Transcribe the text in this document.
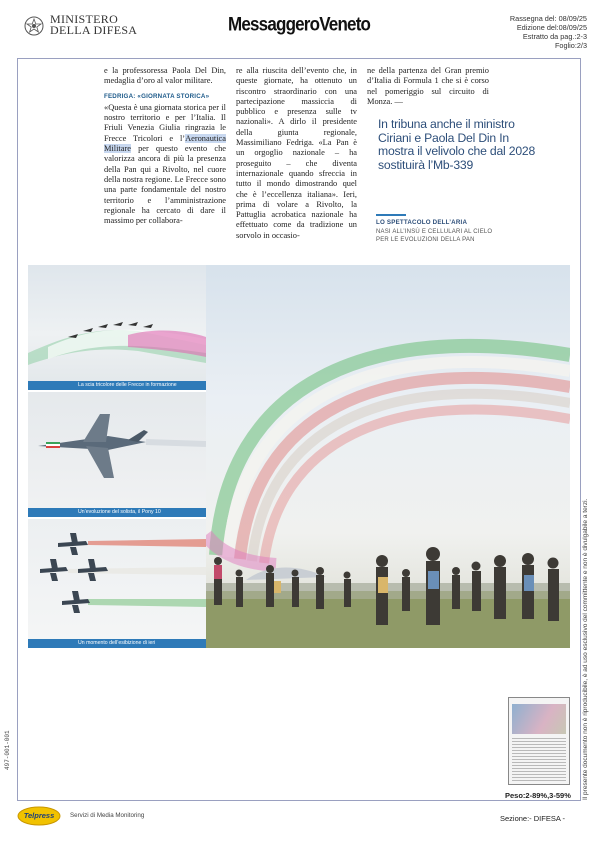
MINISTERO
DELLA DIFESA	MessaggeroVeneto	Rassegna del: 08/09/25
Edizione del:08/09/25
Estratto da pag.:2-3
Foglio:2/3

e la professoressa Paola Del Din, medaglia d’oro al valor militare.

FEDRIGA: «GIORNATA STORICA»

«Questa è una giornata storica per il nostro territorio e per l’Italia. Il Friuli Venezia Giulia ringrazia le Frecce Tricolori e l’Aeronautica Militare per questo evento che valorizza ancora di più la presenza della Pan qui a Rivolto, nel cuore della nostra regione. Le Frecce sono una parte fondamentale del nostro territorio e l’amministrazione regionale ha cercato di dare il massimo per collabora-

re alla riuscita dell’evento che, in queste giornate, ha ottenuto un riscontro straordinario con una partecipazione massiccia di pubblico e presenza sulle tv nazionali». A dirlo il presidente della giunta regionale, Massimiliano Fedriga. «La Pan è un orgoglio nazionale – ha proseguito – che diventa internazionale quando sfreccia in tutto il mondo dimostrando quel che è l’eccellenza italiana». Ieri, prima di volare a Rivolto, la Pattuglia acrobatica nazionale ha effettuato come da tradizione un sorvolo in occasio-

ne della partenza del Gran premio d’Italia di Formula 1 che si è corso nel pomeriggio sul circuito di Monza. —

In tribuna anche il ministro Ciriani e Paola Del Din In mostra il velivolo che dal 2028 sostituirà l’Mb-339
LO SPETTACOLO DELL’ARIA
NASI ALL’INSÙ E CELLULARI AL CIELO PER LE EVOLUZIONI DELLA PAN
La scia tricolore delle Frecce in formazione
Un’evoluzione del solista, il Pony 10
Un momento dell’esibizione di ieri	Il presente documento non è riproducibile, è ad uso esclusivo del committente e non è divulgabile a terzi.
497-001-001
Peso:2-89%,3-59%
Telpress	Servizi di Media Monitoring	Sezione:- DIFESA -
